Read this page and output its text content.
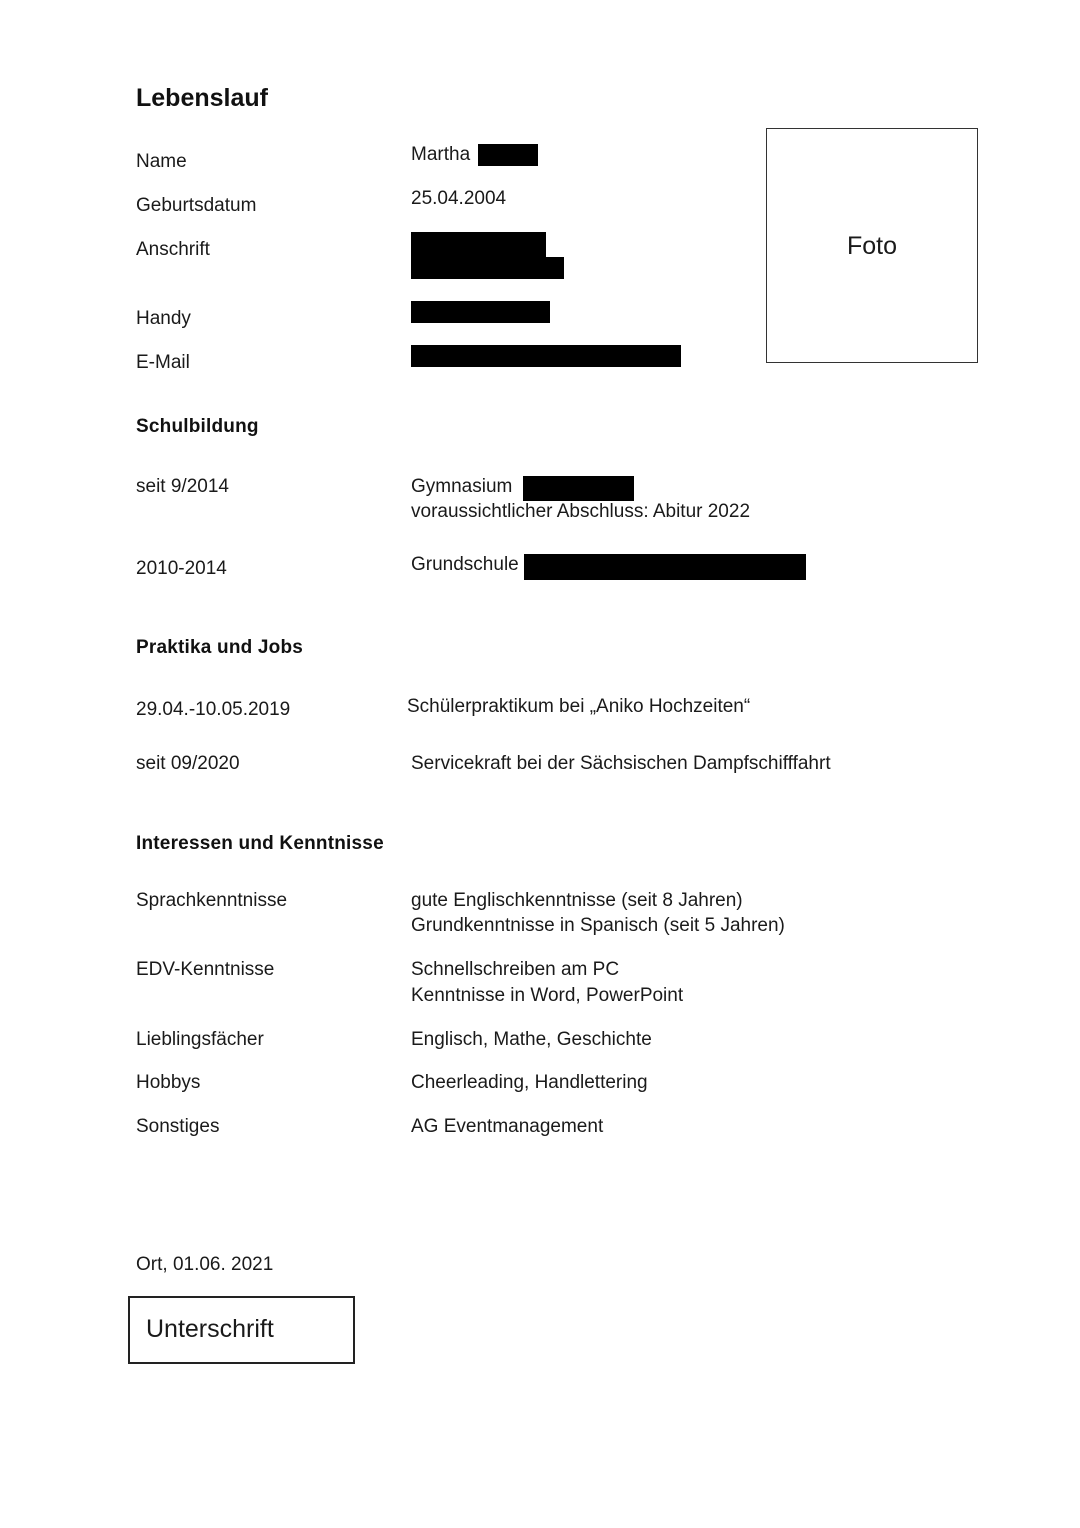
Lebenslauf
Name	Martha
Geburtsdatum	25.04.2004
Anschrift
Handy
E-Mail
Foto
Schulbildung
seit 9/2014	Gymnasium
voraussichtlicher Abschluss: Abitur 2022
2010-2014	Grundschule
Praktika und Jobs
29.04.-10.05.2019	Schülerpraktikum bei „Aniko Hochzeiten“
seit 09/2020	Servicekraft bei der Sächsischen Dampfschifffahrt
Interessen und Kenntnisse
Sprachkenntnisse	gute Englischkenntnisse (seit 8 Jahren)
Grundkenntnisse in Spanisch (seit 5 Jahren)
EDV-Kenntnisse	Schnellschreiben am PC
Kenntnisse in Word, PowerPoint
Lieblingsfächer	Englisch, Mathe, Geschichte
Hobbys	Cheerleading, Handlettering
Sonstiges	AG Eventmanagement
Ort, 01.06. 2021
Unterschrift
